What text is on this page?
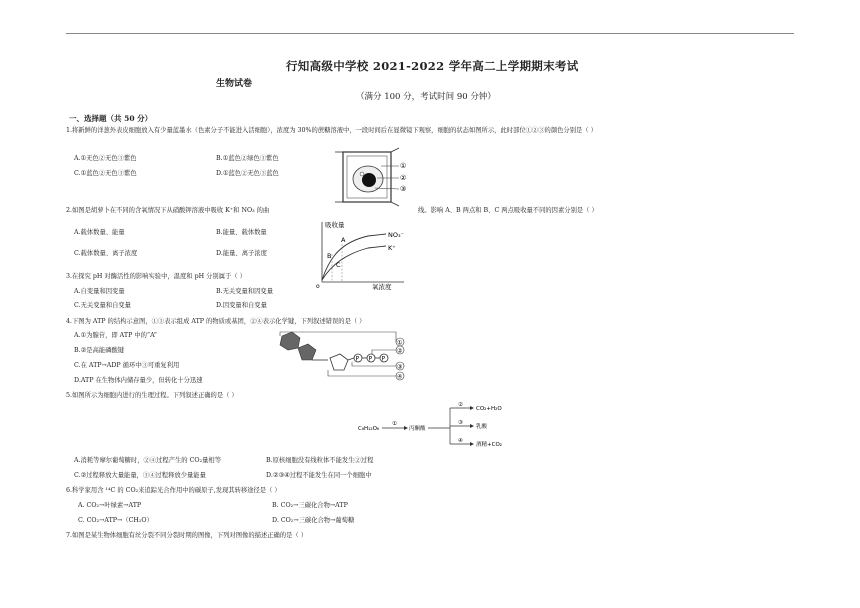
行知高级中学校 2021-2022 学年高二上学期期末考试
生物试卷
（满分 100 分，考试时间 90 分钟）
一、选择题（共 50 分）
1.将新鲜的洋葱外表皮细胞放入有少量蓝墨水（色素分子不能进入活细胞），浓度为 30%的蔗糖溶液中，一段时间后在显微镜下观察，细胞的状态如图所示，此时部位①②③的颜色分别是（ ）
A.①无色②无色③紫色	B.①蓝色②绿色③紫色
C.①蓝色②无色③紫色	D.①蓝色②无色③蓝色
①
②
③
2.如图是胡萝卜在不同的含氧情况下从硝酸钾溶液中吸收 K⁺和 NO₃ 的曲	线。影响 A、B 两点和 B、C 两点吸收量不同的因素分别是（ ）
A.载体数量、能量	B.能量、载体数量
C.载体数量、离子浓度	D.能量、离子浓度
吸收量
NO₃⁻
K⁺
A
B
C
o	氧浓度
3.在探究 pH 对酶活性的影响实验中，温度和 pH 分别属于（ ）
A.自变量和因变量	B.无关变量和因变量
C.无关变量和自变量	D.因变量和自变量
4.下图为 ATP 的结构示意图，①③表示组成 ATP 的物质或基团，②④表示化学键，下列叙述错误的是（ ）
A.①为腺苷，即 ATP 中的“A”
B.②是高能磷酸键
C.在 ATP→ADP 循环中③可重复利用
D.ATP 在生物体内储存量少，但转化十分迅速
P P P
①
②
③
④
5.如图所示为细胞内进行的生理过程。下列叙述正确的是（ ）
C₆H₁₂O₆
①
丙酮酸
②
③
④
CO₂+H₂O
乳酸
酒精+CO₂
A.消耗等摩尔葡萄糖时，②④过程产生的 CO₂量相等	B.原核细胞没有线粒体不能发生②过程
C.②过程释放大量能量，③④过程释放少量能量	D.②③④过程不能发生在同一个细胞中
6.科学家用含 ¹⁴C 的 CO₂来追踪光合作用中的碳原子,发现其转移途径是（ ）
A. CO₂→叶绿素→ATP	B. CO₂→三碳化合物→ATP
C. CO₂→ATP→（CH₂O）	D. CO₂→三碳化合物→葡萄糖
7.如图是某生物体细胞有丝分裂不同分裂时期的图像，下列对图像的描述正确的是（ ）
